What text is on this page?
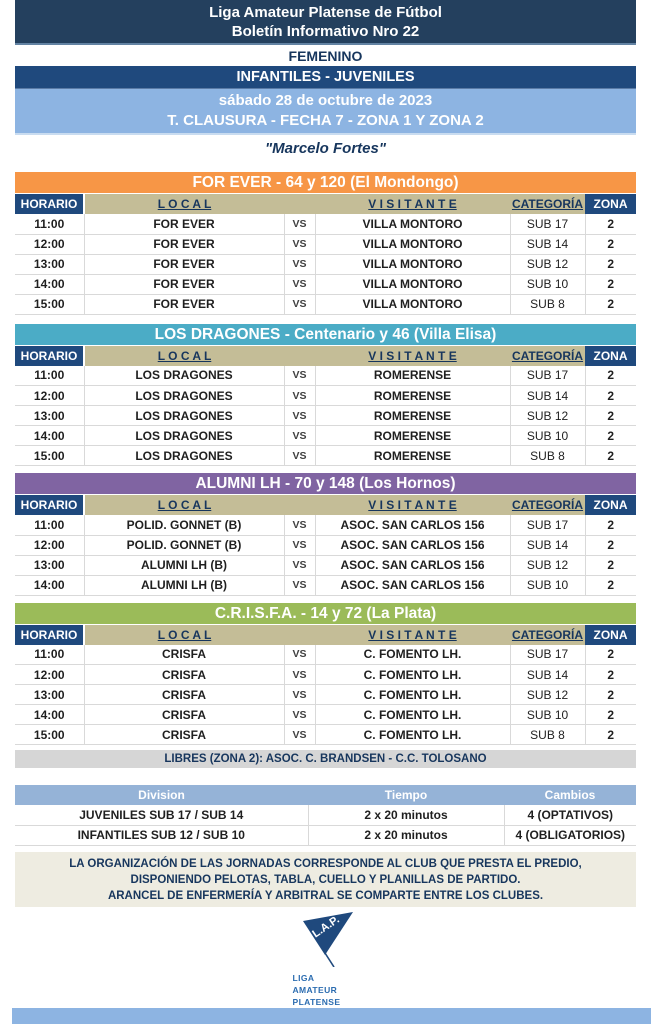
Liga Amateur Platense de Fútbol
Boletín Informativo Nro 22
FEMENINO
INFANTILES - JUVENILES
sábado 28 de octubre de 2023
T. CLAUSURA - FECHA 7 - ZONA 1 Y ZONA 2
"Marcelo Fortes"
FOR EVER - 64 y 120 (El Mondongo)
HORARIO	L O C A L		V I S I T A N T E	CATEGORÍA	ZONA
11:00	FOR EVER	VS	VILLA MONTORO	SUB 17	2
12:00	FOR EVER	VS	VILLA MONTORO	SUB 14	2
13:00	FOR EVER	VS	VILLA MONTORO	SUB 12	2
14:00	FOR EVER	VS	VILLA MONTORO	SUB 10	2
15:00	FOR EVER	VS	VILLA MONTORO	SUB 8	2
LOS DRAGONES - Centenario y 46 (Villa Elisa)
HORARIO	L O C A L		V I S I T A N T E	CATEGORÍA	ZONA
11:00	LOS DRAGONES	VS	ROMERENSE	SUB 17	2
12:00	LOS DRAGONES	VS	ROMERENSE	SUB 14	2
13:00	LOS DRAGONES	VS	ROMERENSE	SUB 12	2
14:00	LOS DRAGONES	VS	ROMERENSE	SUB 10	2
15:00	LOS DRAGONES	VS	ROMERENSE	SUB 8	2
ALUMNI LH - 70 y 148 (Los Hornos)
HORARIO	L O C A L		V I S I T A N T E	CATEGORÍA	ZONA
11:00	POLID. GONNET (B)	VS	ASOC. SAN CARLOS 156	SUB 17	2
12:00	POLID. GONNET (B)	VS	ASOC. SAN CARLOS 156	SUB 14	2
13:00	ALUMNI LH (B)	VS	ASOC. SAN CARLOS 156	SUB 12	2
14:00	ALUMNI LH (B)	VS	ASOC. SAN CARLOS 156	SUB 10	2
C.R.I.S.F.A. - 14 y 72 (La Plata)
HORARIO	L O C A L		V I S I T A N T E	CATEGORÍA	ZONA
11:00	CRISFA	VS	C. FOMENTO LH.	SUB 17	2
12:00	CRISFA	VS	C. FOMENTO LH.	SUB 14	2
13:00	CRISFA	VS	C. FOMENTO LH.	SUB 12	2
14:00	CRISFA	VS	C. FOMENTO LH.	SUB 10	2
15:00	CRISFA	VS	C. FOMENTO LH.	SUB 8	2
LIBRES (ZONA 2): ASOC. C. BRANDSEN - C.C. TOLOSANO
Division	Tiempo	Cambios
JUVENILES SUB 17 / SUB 14	2 x 20 minutos	4 (OPTATIVOS)
INFANTILES SUB 12 / SUB 10	2 x 20 minutos	4 (OBLIGATORIOS)
LA ORGANIZACIÓN DE LAS JORNADAS CORRESPONDE AL CLUB QUE PRESTA EL PREDIO,
DISPONIENDO PELOTAS, TABLA, CUELLO Y PLANILLAS DE PARTIDO.
ARANCEL DE ENFERMERÍA Y ARBITRAL SE COMPARTE ENTRE LOS CLUBES.
L.A.P.
LIGA
AMATEUR
PLATENSE
